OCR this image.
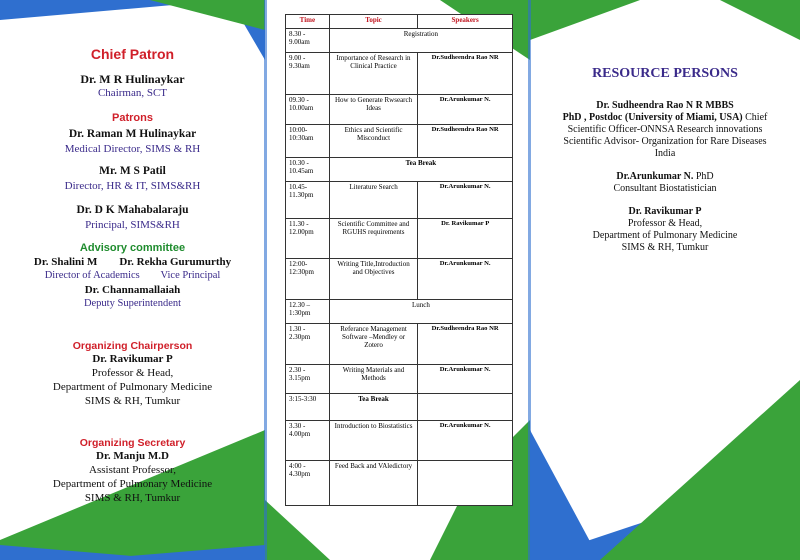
Chief Patron
Dr. M R Hulinaykar
Chairman, SCT
Patrons
Dr. Raman M Hulinaykar
Medical Director, SIMS & RH
Mr. M S Patil
Director, HR & IT, SIMS&RH
Dr. D K Mahabalaraju
Principal, SIMS&RH
Advisory committee
Dr. Shalini M        Dr. Rekha Gurumurthy
Director of Academics        Vice Principal
Dr. Channamallaiah
Deputy Superintendent
Organizing Chairperson
Dr. Ravikumar P
Professor & Head,
Department of Pulmonary Medicine
SIMS & RH, Tumkur
Organizing Secretary
Dr. Manju M.D
Assistant Professor,
Department of Pulmonary Medicine
SIMS & RH, Tumkur
Time	Topic	Speakers
8.30 - 9.00am	Registration	
9.00 - 9.30am	Importance of Research in Clinical Practice	Dr.Sudheendra Rao NR
09.30 - 10.00am	How to Generate Rwsearch Ideas	Dr.Arunkumar N.
10:00-10:30am	Ethics and Scientific Misconduct	Dr.Sudheendra Rao NR
10.30 - 10.45am	Tea Break	
10.45-11.30pm	Literature Search	Dr.Arunkumar N.
11.30 - 12.00pm	Scientific Committee and RGUHS requirements	Dr. Ravikumar P
12:00-12:30pm	Writing Title,Introduction and Objectives	Dr.Arunkumar N.
12.30 – 1:30pm	Lunch	
1.30 - 2.30pm	Referance Management Software –Mendley or Zotero	Dr.Sudheendra Rao NR
2.30 - 3.15pm	Writing Materials and Methods	Dr.Arunkumar N.
3:15-3:30	Tea Break	
3.30 - 4.00pm	Introduction to Biostatistics	Dr.Arunkumar N.
4:00 - 4.30pm	Feed Back and VAledictory	
RESOURCE PERSONS
Dr. Sudheendra Rao N R MBBS
PhD , Postdoc (University of Miami, USA) Chief
Scientific Officer-ONNSA Research innovations
Scientific Advisor- Organization for Rare Diseases
India
Dr.Arunkumar N. PhD
Consultant Biostatistician
Dr. Ravikumar P
Professor & Head,
Department of Pulmonary Medicine
SIMS & RH, Tumkur
